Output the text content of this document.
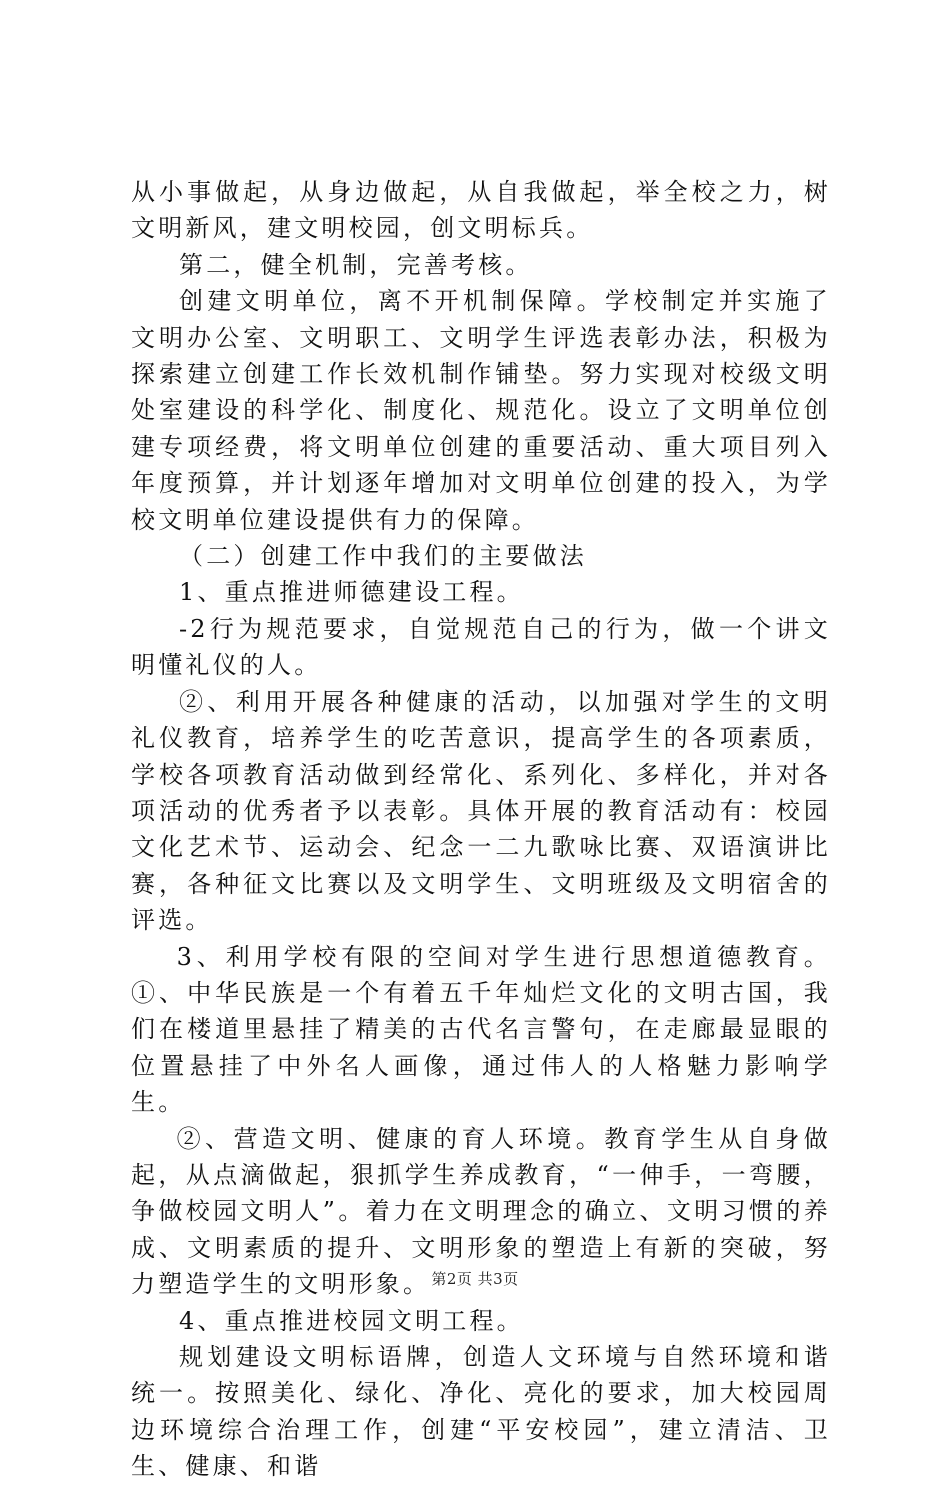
从小事做起，从身边做起，从自我做起，举全校之力，树文明新风，建文明校园，创文明标兵。

第二，健全机制，完善考核。

创建文明单位，离不开机制保障。学校制定并实施了文明办公室、文明职工、文明学生评选表彰办法，积极为探索建立创建工作长效机制作铺垫。努力实现对校级文明处室建设的科学化、制度化、规范化。设立了文明单位创建专项经费，将文明单位创建的重要活动、重大项目列入年度预算，并计划逐年增加对文明单位创建的投入，为学校文明单位建设提供有力的保障。

（二）创建工作中我们的主要做法

1、重点推进师德建设工程。

-2行为规范要求，自觉规范自己的行为，做一个讲文明懂礼仪的人。

②、利用开展各种健康的活动，以加强对学生的文明礼仪教育，培养学生的吃苦意识，提高学生的各项素质，学校各项教育活动做到经常化、系列化、多样化，并对各项活动的优秀者予以表彰。具体开展的教育活动有：校园文化艺术节、运动会、纪念一二九歌咏比赛、双语演讲比赛，各种征文比赛以及文明学生、文明班级及文明宿舍的评选。

3、利用学校有限的空间对学生进行思想道德教育。①、中华民族是一个有着五千年灿烂文化的文明古国，我们在楼道里悬挂了精美的古代名言警句，在走廊最显眼的位置悬挂了中外名人画像，通过伟人的人格魅力影响学生。

②、营造文明、健康的育人环境。教育学生从自身做起，从点滴做起，狠抓学生养成教育，“一伸手，一弯腰，争做校园文明人”。着力在文明理念的确立、文明习惯的养成、文明素质的提升、文明形象的塑造上有新的突破，努力塑造学生的文明形象。

4、重点推进校园文明工程。

规划建设文明标语牌，创造人文环境与自然环境和谐统一。按照美化、绿化、净化、亮化的要求，加大校园周边环境综合治理工作，创建“平安校园”，建立清洁、卫生、健康、和谐

第2页 共3页
